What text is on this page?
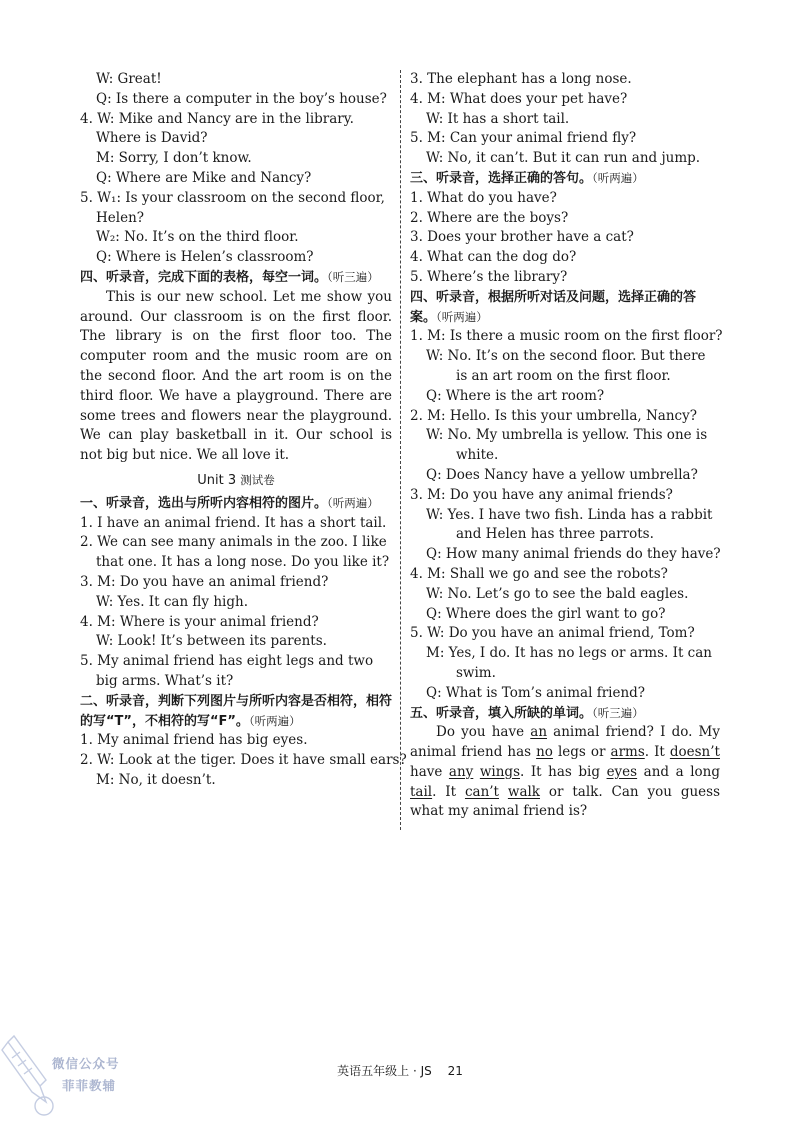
W: Great!
Q: Is there a computer in the boy’s house?
4. W: Mike and Nancy are in the library. Where is David?
M: Sorry, I don’t know.
Q: Where are Mike and Nancy?
5. W₁: Is your classroom on the second floor, Helen?
W₂: No. It’s on the third floor.
Q: Where is Helen’s classroom?
四、听录音，完成下面的表格，每空一词。（听三遍）
This is our new school. Let me show you around. Our classroom is on the first floor. The library is on the first floor too. The computer room and the music room are on the second floor. And the art room is on the third floor. We have a playground. There are some trees and flowers near the playground. We can play basketball in it. Our school is not big but nice. We all love it.
Unit 3 测试卷
一、听录音，选出与所听内容相符的图片。（听两遍）
1. I have an animal friend. It has a short tail.
2. We can see many animals in the zoo. I like that one. It has a long nose. Do you like it?
3. M: Do you have an animal friend?
W: Yes. It can fly high.
4. M: Where is your animal friend?
W: Look! It’s between its parents.
5. My animal friend has eight legs and two big arms. What’s it?
二、听录音，判断下列图片与所听内容是否相符，相符的写“T”，不相符的写“F”。（听两遍）
1. My animal friend has big eyes.
2. W: Look at the tiger. Does it have small ears?
M: No, it doesn’t.
3. The elephant has a long nose.
4. M: What does your pet have?
W: It has a short tail.
5. M: Can your animal friend fly?
W: No, it can’t. But it can run and jump.
三、听录音，选择正确的答句。（听两遍）
1. What do you have?
2. Where are the boys?
3. Does your brother have a cat?
4. What can the dog do?
5. Where’s the library?
四、听录音，根据所听对话及问题，选择正确的答案。（听两遍）
1. M: Is there a music room on the first floor?
W: No. It’s on the second floor. But there is an art room on the first floor.
Q: Where is the art room?
2. M: Hello. Is this your umbrella, Nancy?
W: No. My umbrella is yellow. This one is white.
Q: Does Nancy have a yellow umbrella?
3. M: Do you have any animal friends?
W: Yes. I have two fish. Linda has a rabbit and Helen has three parrots.
Q: How many animal friends do they have?
4. M: Shall we go and see the robots?
W: No. Let’s go to see the bald eagles.
Q: Where does the girl want to go?
5. W: Do you have an animal friend, Tom?
M: Yes, I do. It has no legs or arms. It can swim.
Q: What is Tom’s animal friend?
五、听录音，填入所缺的单词。（听三遍）
Do you have an animal friend? I do. My animal friend has no legs or arms. It doesn’t have any wings. It has big eyes and a long tail. It can’t walk or talk. Can you guess what my animal friend is?
微信公众号
菲菲教辅
英语五年级上 · JS 21
